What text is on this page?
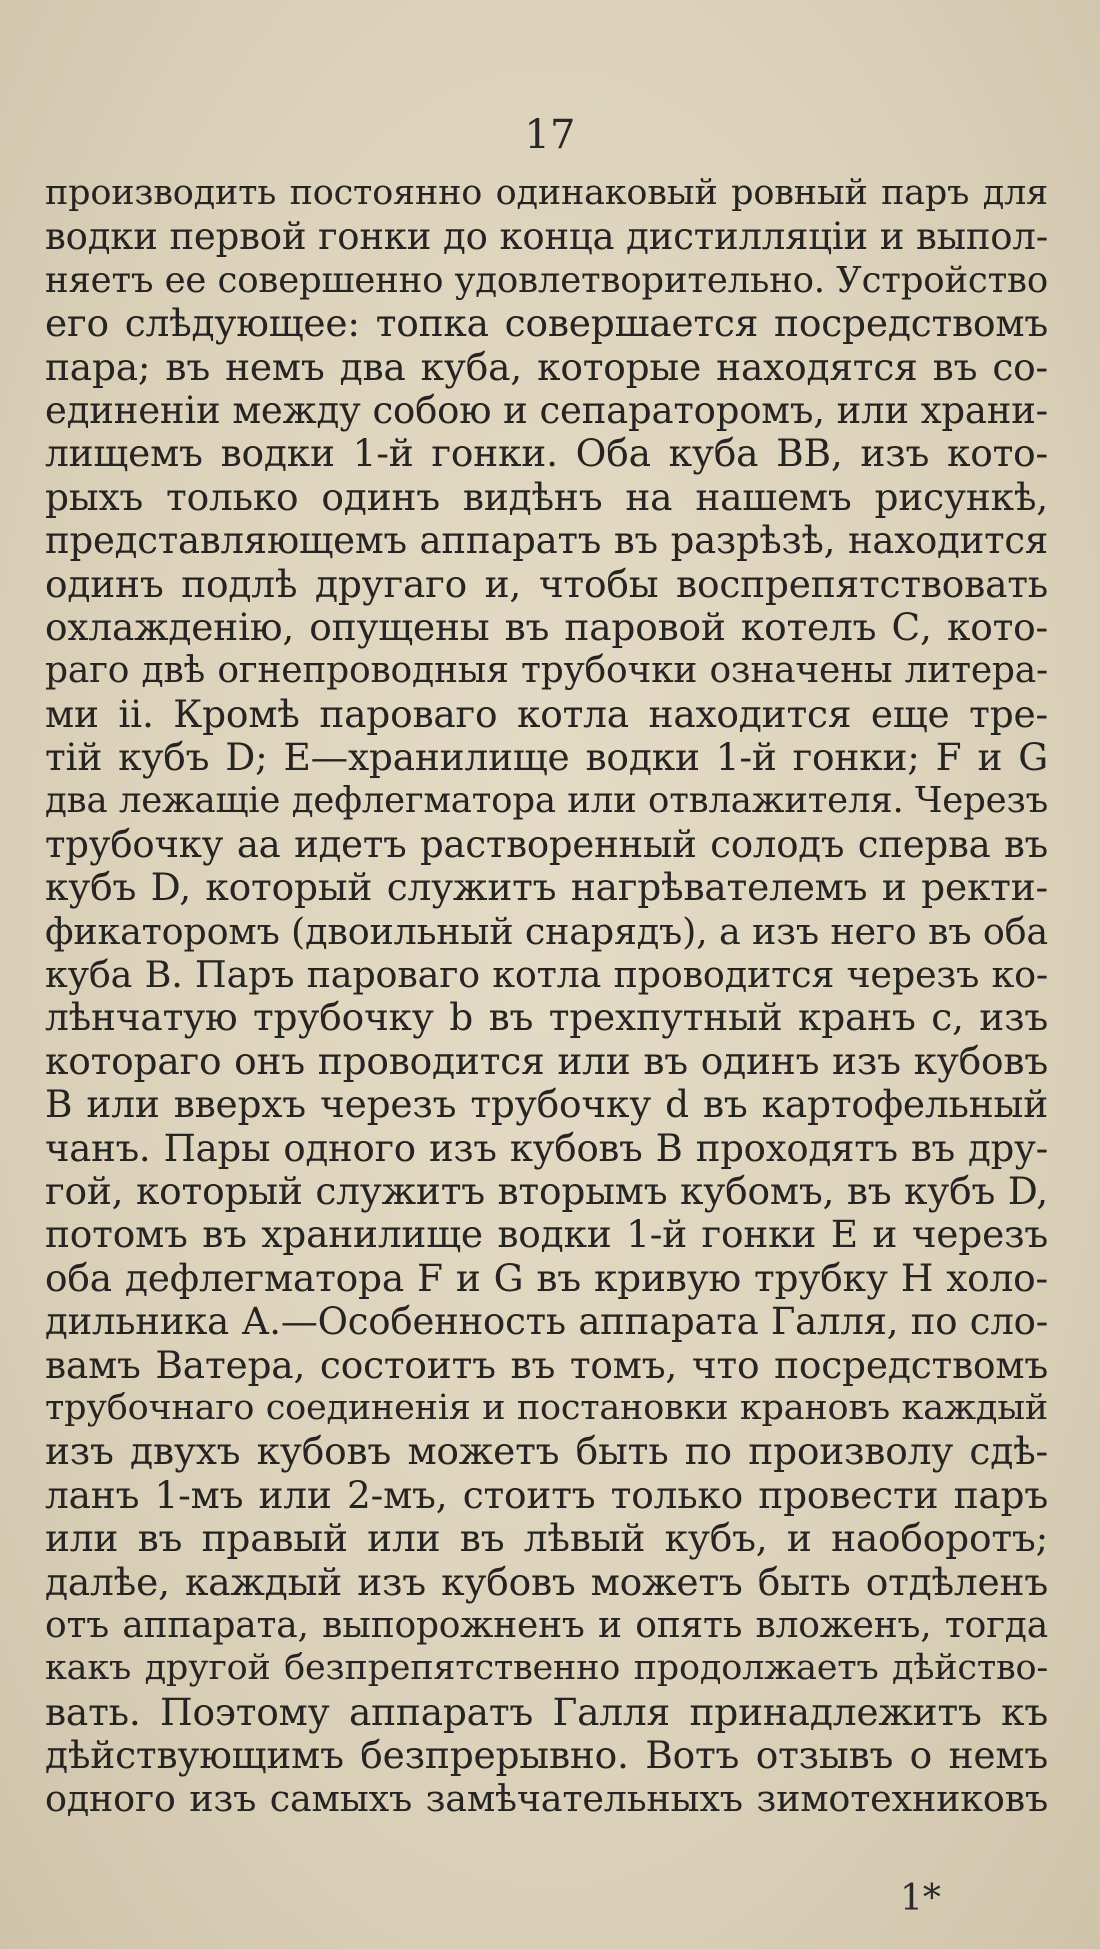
17
производить постоянно одинаковый ровный паръ для
водки первой гонки до конца дистилляціи и выпол-
няетъ ее совершенно удовлетворительно. Устройство
его слѣдующее: топка совершается посредствомъ
пара; въ немъ два куба, которые находятся въ со-
единеніи между собою и сепараторомъ, или храни-
лищемъ водки 1-й гонки. Оба куба ВВ, изъ кото-
рыхъ только одинъ видѣнъ на нашемъ рисункѣ,
представляющемъ аппаратъ въ разрѣзѣ, находится
одинъ подлѣ другаго и, чтобы воспрепятствовать
охлажденію, опущены въ паровой котелъ С, кото-
раго двѣ огнепроводныя трубочки означены литера-
ми ii. Кромѣ пароваго котла находится еще тре-
тій кубъ D; Е—хранилище водки 1-й гонки; F и G
два лежащіе дефлегматора или отвлажителя. Черезъ
трубочку aa идетъ растворенный солодъ сперва въ
кубъ D, который служитъ нагрѣвателемъ и ректи-
фикаторомъ (двоильный снарядъ), а изъ него въ оба
куба В. Паръ пароваго котла проводится черезъ ко-
лѣнчатую трубочку b въ трехпутный кранъ с, изъ
котораго онъ проводится или въ одинъ изъ кубовъ
В или вверхъ черезъ трубочку d въ картофельный
чанъ. Пары одного изъ кубовъ В проходятъ въ дру-
гой, который служитъ вторымъ кубомъ, въ кубъ D,
потомъ въ хранилище водки 1-й гонки Е и черезъ
оба дефлегматора F и G въ кривую трубку H холо-
дильника А.—Особенность аппарата Галля, по сло-
вамъ Ватера, состоитъ въ томъ, что посредствомъ
трубочнаго соединенія и постановки крановъ каждый
изъ двухъ кубовъ можетъ быть по произволу сдѣ-
ланъ 1-мъ или 2-мъ, стоитъ только провести паръ
или въ правый или въ лѣвый кубъ, и наоборотъ;
далѣе, каждый изъ кубовъ можетъ быть отдѣленъ
отъ аппарата, выпорожненъ и опять вложенъ, тогда
какъ другой безпрепятственно продолжаетъ дѣйство-
вать. Поэтому аппаратъ Галля принадлежитъ къ
дѣйствующимъ безпрерывно. Вотъ отзывъ о немъ
одного изъ самыхъ замѣчательныхъ зимотехниковъ
1*
